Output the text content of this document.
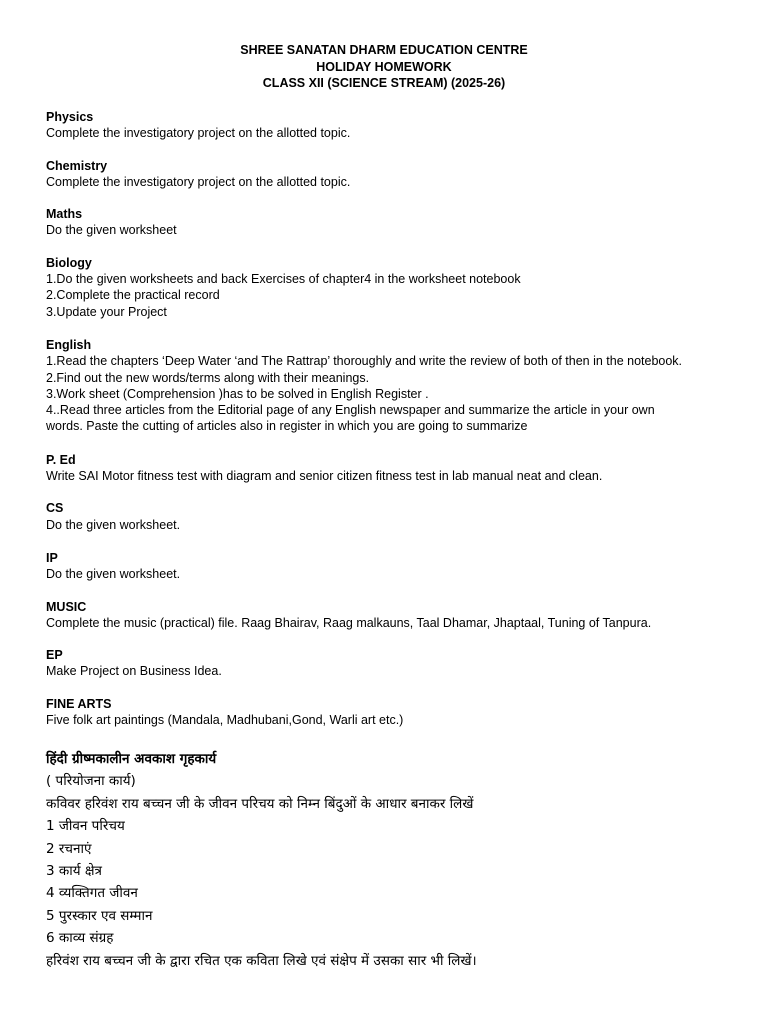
SHREE SANATAN DHARM EDUCATION CENTRE
HOLIDAY HOMEWORK
CLASS XII (SCIENCE STREAM) (2025-26)
Physics
Complete the investigatory project on the allotted topic.
Chemistry
Complete the investigatory project on the allotted topic.
Maths
Do the given worksheet
Biology
1.Do the given worksheets and back Exercises of chapter4 in the worksheet notebook
2.Complete the practical record
3.Update your Project
English
1.Read the chapters ‘Deep Water ‘and The Rattrap’ thoroughly and write the review of both of then in the notebook.
2.Find out the new words/terms along with their meanings.
3.Work sheet (Comprehension )has to be solved in English Register .
4..Read three articles from the Editorial page of any English newspaper and summarize the article in your own
words. Paste the cutting of articles also in register in which you are going to summarize
P. Ed
Write SAI Motor fitness test with diagram and senior citizen fitness test in lab manual neat and clean.
CS
Do the given worksheet.
IP
Do the given worksheet.
MUSIC
Complete the music (practical) file. Raag Bhairav, Raag malkauns, Taal Dhamar, Jhaptaal, Tuning of Tanpura.
EP
Make Project on Business Idea.
FINE ARTS
Five folk art paintings (Mandala, Madhubani,Gond, Warli art etc.)
हिंदी ग्रीष्मकालीन अवकाश गृहकार्य
( परियोजना कार्य)
कविवर हरिवंश राय बच्चन जी के जीवन परिचय को निम्न बिंदुओं के आधार बनाकर लिखें
1 जीवन परिचय
2 रचनाएं
3 कार्य क्षेत्र
4 व्यक्तिगत जीवन
5 पुरस्कार एव सम्मान
6 काव्य संग्रह
हरिवंश राय बच्चन जी के द्वारा रचित एक कविता लिखे एवं संक्षेप में उसका सार भी लिखें।
